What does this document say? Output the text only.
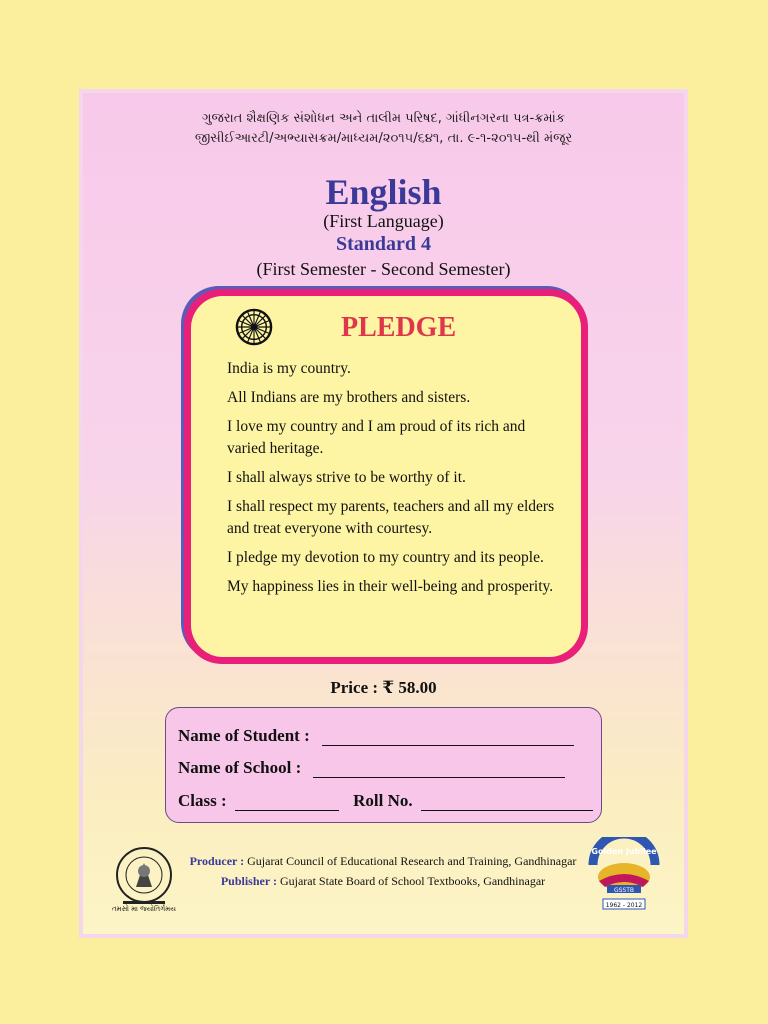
ગુજરાત શૈક્ષણિક સંશોધન અને તાલીમ પરિષદ, ગાંધીનગરના પત્ર-ક્રમાંક
જીસીઈઆરટી/અભ્યાસક્રમ/માધ્યમ/૨૦૧૫/૬૪૧, તા. ૯-૧-૨૦૧૫-થી મંજૂર
English
(First Language)
Standard 4
(First Semester - Second Semester)
PLEDGE

India is my country.

All Indians are my brothers and sisters.

I love my country and I am proud of its rich and varied heritage.

I shall always strive to be worthy of it.

I shall respect my parents, teachers and all my elders and treat everyone with courtesy.

I pledge my devotion to my country and its people.

My happiness lies in their well-being and prosperity.

Price : ₹ 58.00
Name of Student :
Name of School :
Class :	Roll No.
તમસો મા જ્યોતિર્ગમય
Producer : Gujarat Council of Educational Research and Training, Gandhinagar
Publisher : Gujarat State Board of School Textbooks, Gandhinagar
Golden Jubilee
GSSTB
1962 - 2012
